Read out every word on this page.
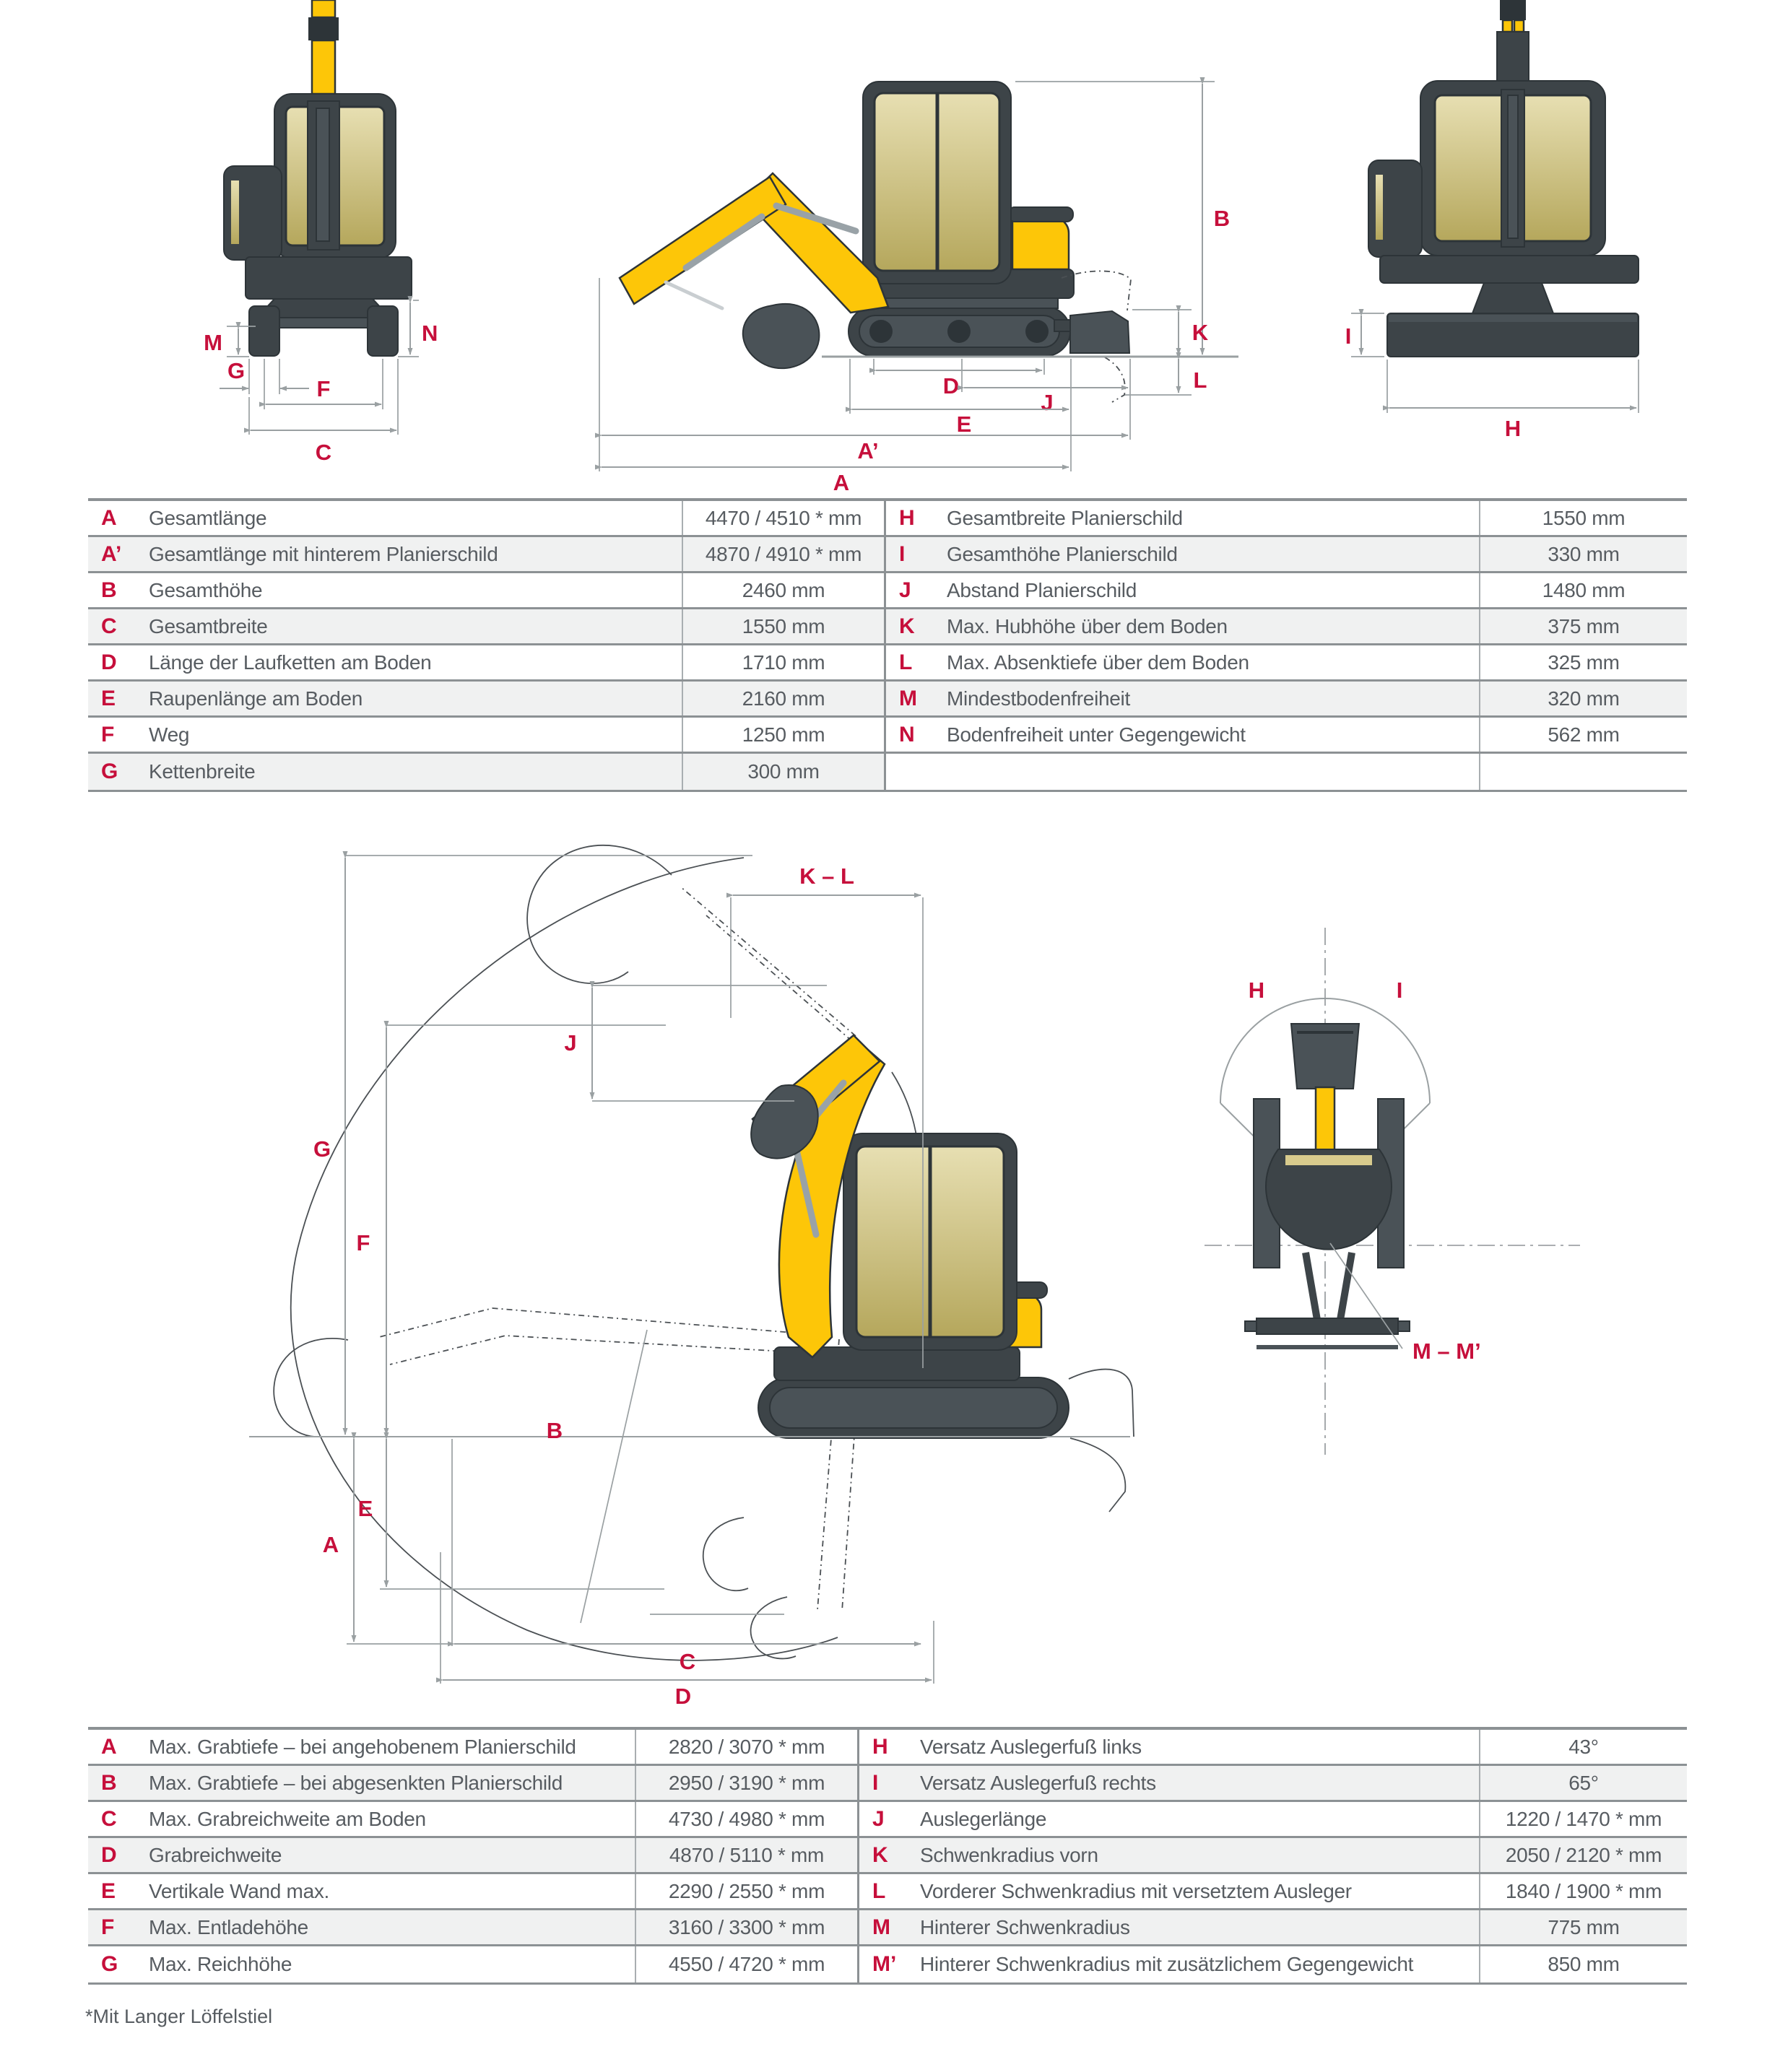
M	N
G
F
C
B
K
L
D
J
E
A’
A
I
H
K – L
G
F
J
A
E
B
C
D
H	I
M – M’
A	Gesamtlänge	4470 / 4510 * mm
A’	Gesamtlänge mit hinterem Planierschild	4870 / 4910 * mm
B	Gesamthöhe	2460 mm
C	Gesamtbreite	1550 mm
D	Länge der Laufketten am Boden	1710 mm
E	Raupenlänge am Boden	2160 mm
F	Weg	1250 mm
G	Kettenbreite	300 mm
H	Gesamtbreite Planierschild	1550 mm
I	Gesamthöhe Planierschild	330 mm
J	Abstand Planierschild	1480 mm
K	Max. Hubhöhe über dem Boden	375 mm
L	Max. Absenktiefe über dem Boden	325 mm
M	Mindestbodenfreiheit	320 mm
N	Bodenfreiheit unter Gegengewicht	562 mm
A	Max. Grabtiefe – bei angehobenem Planierschild	2820 / 3070 * mm
B	Max. Grabtiefe – bei abgesenkten Planierschild	2950 / 3190 * mm
C	Max. Grabreichweite am Boden	4730 / 4980 * mm
D	Grabreichweite	4870 / 5110 * mm
E	Vertikale Wand max.	2290 / 2550 * mm
F	Max. Entladehöhe	3160 / 3300 * mm
G	Max. Reichhöhe	4550 / 4720 * mm
H	Versatz Auslegerfuß links	43°
I	Versatz Auslegerfuß rechts	65°
J	Auslegerlänge	1220 / 1470 * mm
K	Schwenkradius vorn	2050 / 2120 * mm
L	Vorderer Schwenkradius mit versetztem Ausleger	1840 / 1900 * mm
M	Hinterer Schwenkradius	775 mm
M’	Hinterer Schwenkradius mit zusätzlichem Gegengewicht	850 mm
*Mit Langer Löffelstiel
